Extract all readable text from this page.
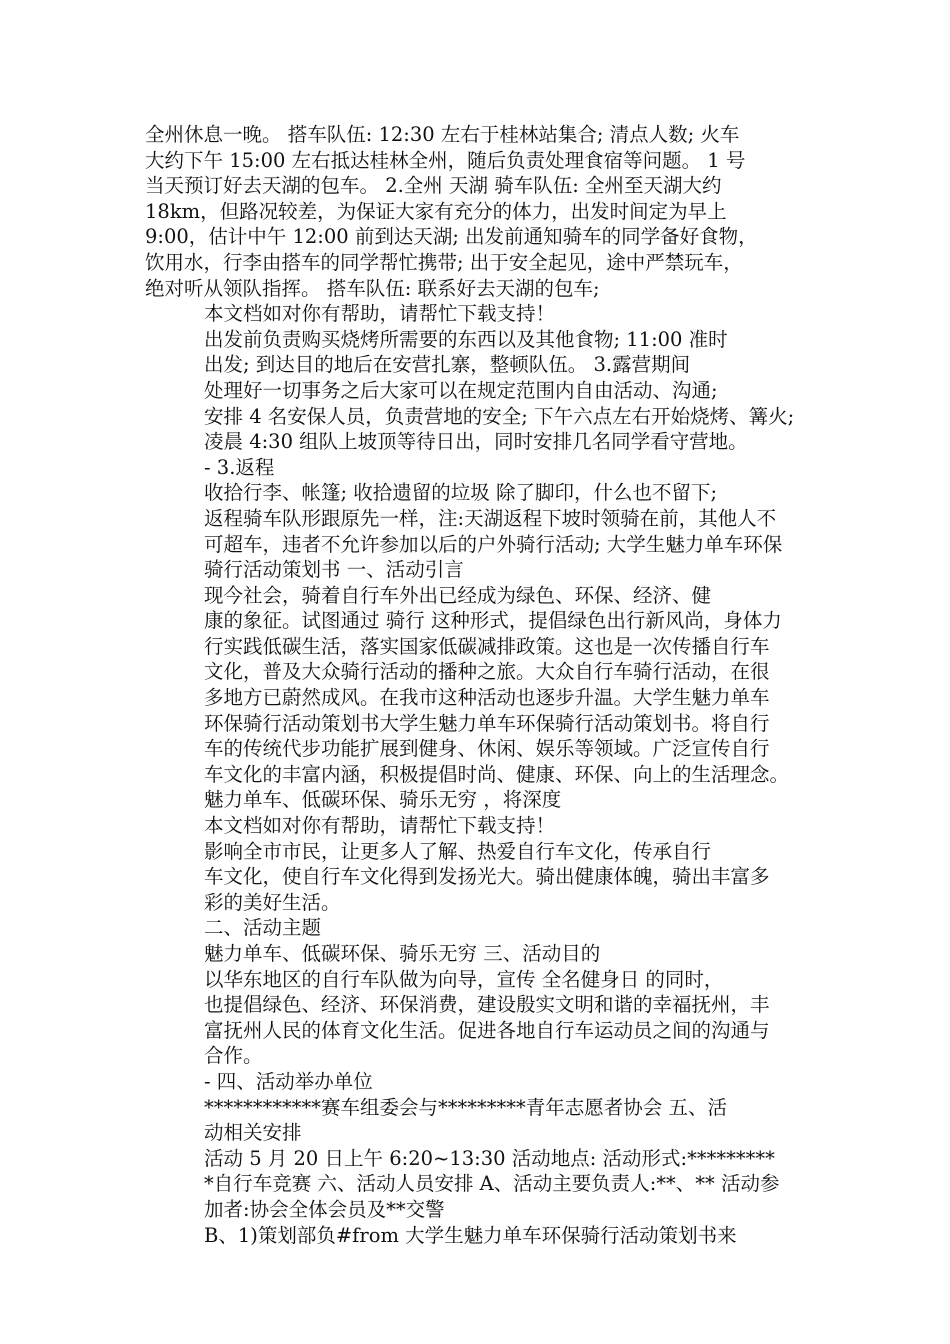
全州休息一晚。 搭车队伍: 12:30 左右于桂林站集合; 清点人数; 火车
大约下午 15:00 左右抵达桂林全州，随后负责处理食宿等问题。 1 号
当天预订好去天湖的包车。 2.全州 天湖 骑车队伍: 全州至天湖大约
18km，但路况较差，为保证大家有充分的体力，出发时间定为早上
9:00，估计中午 12:00 前到达天湖; 出发前通知骑车的同学备好食物，
饮用水，行李由搭车的同学帮忙携带; 出于安全起见，途中严禁玩车，
绝对听从领队指挥。 搭车队伍: 联系好去天湖的包车;
本文档如对你有帮助，请帮忙下载支持！
出发前负责购买烧烤所需要的东西以及其他食物; 11:00 准时
出发; 到达目的地后在安营扎寨，整顿队伍。 3.露营期间
处理好一切事务之后大家可以在规定范围内自由活动、沟通;
安排 4 名安保人员，负责营地的安全; 下午六点左右开始烧烤、篝火;
凌晨 4:30 组队上坡顶等待日出，同时安排几名同学看守营地。
- 3.返程
收拾行李、帐篷; 收拾遗留的垃圾 除了脚印，什么也不留下;
返程骑车队形跟原先一样，注:天湖返程下坡时领骑在前，其他人不
可超车，违者不允许参加以后的户外骑行活动; 大学生魅力单车环保
骑行活动策划书 一、活动引言
现今社会，骑着自行车外出已经成为绿色、环保、经济、健
康的象征。试图通过 骑行 这种形式，提倡绿色出行新风尚，身体力
行实践低碳生活，落实国家低碳减排政策。这也是一次传播自行车
文化，普及大众骑行活动的播种之旅。大众自行车骑行活动，在很
多地方已蔚然成风。在我市这种活动也逐步升温。大学生魅力单车
环保骑行活动策划书大学生魅力单车环保骑行活动策划书。将自行
车的传统代步功能扩展到健身、休闲、娱乐等领域。广泛宣传自行
车文化的丰富内涵，积极提倡时尚、健康、环保、向上的生活理念。
魅力单车、低碳环保、骑乐无穷 ，将深度
本文档如对你有帮助，请帮忙下载支持！
影响全市市民，让更多人了解、热爱自行车文化，传承自行
车文化，使自行车文化得到发扬光大。骑出健康体魄，骑出丰富多
彩的美好生活。
二、活动主题
魅力单车、低碳环保、骑乐无穷 三、活动目的
以华东地区的自行车队做为向导，宣传 全名健身日 的同时，
也提倡绿色、经济、环保消费，建设殷实文明和谐的幸福抚州，丰
富抚州人民的体育文化生活。促进各地自行车运动员之间的沟通与
合作。
- 四、活动举办单位
************赛车组委会与*********青年志愿者协会 五、活
动相关安排
活动 5 月 20 日上午 6:20~13:30 活动地点: 活动形式:*********
*自行车竞赛 六、活动人员安排 A、活动主要负责人:**、** 活动参
加者:协会全体会员及**交警
B、1)策划部负#from 大学生魅力单车环保骑行活动策划书来
